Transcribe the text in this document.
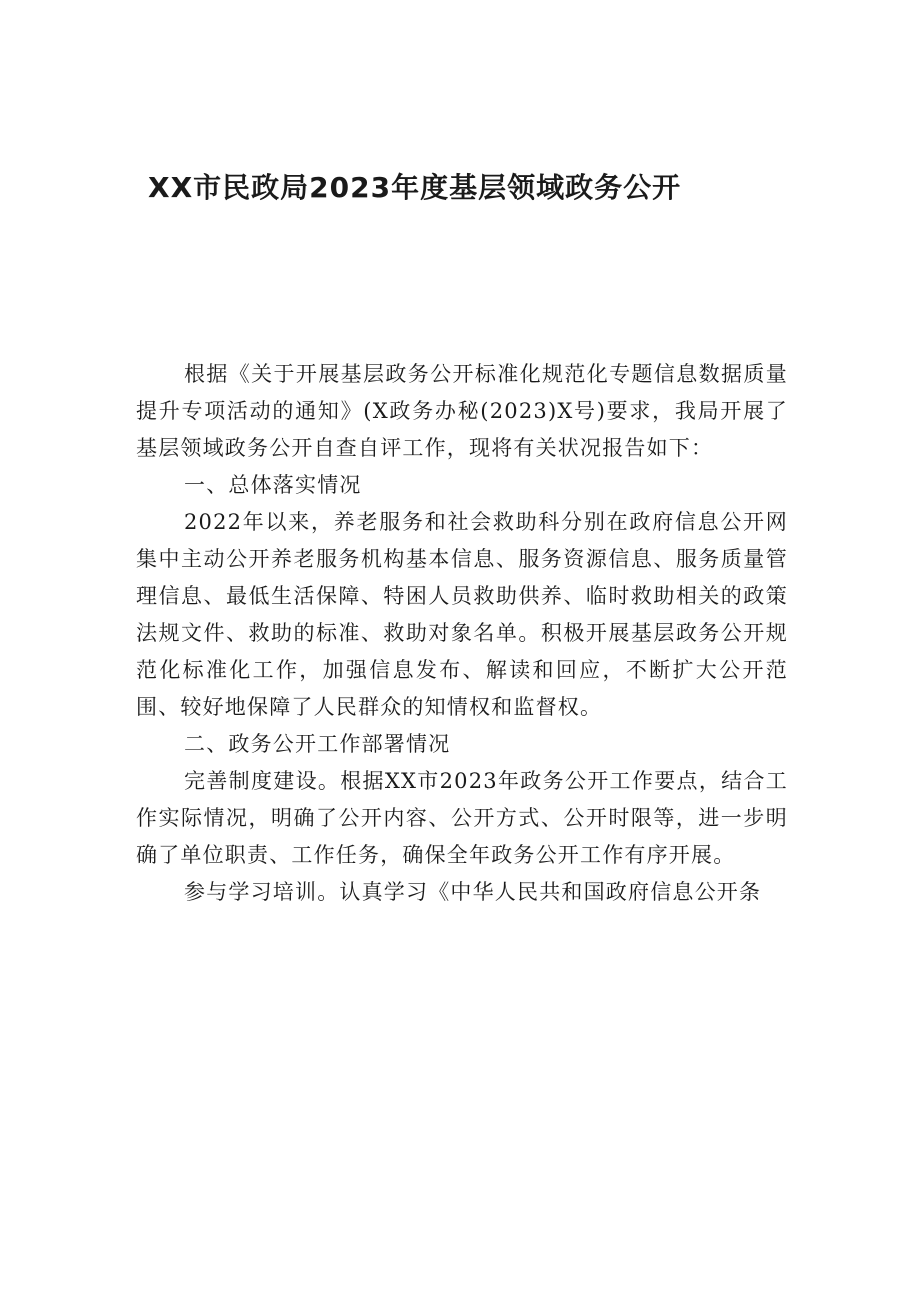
XX市民政局2023年度基层领域政务公开

根据《关于开展基层政务公开标准化规范化专题信息数据质量提升专项活动的通知》(X政务办秘(2023)X号)要求，我局开展了基层领域政务公开自查自评工作，现将有关状况报告如下：

一、总体落实情况

2022年以来，养老服务和社会救助科分别在政府信息公开网集中主动公开养老服务机构基本信息、服务资源信息、服务质量管理信息、最低生活保障、特困人员救助供养、临时救助相关的政策法规文件、救助的标准、救助对象名单。积极开展基层政务公开规范化标准化工作，加强信息发布、解读和回应，不断扩大公开范围、较好地保障了人民群众的知情权和监督权。

二、政务公开工作部署情况

完善制度建设。根据XX市2023年政务公开工作要点，结合工作实际情况，明确了公开内容、公开方式、公开时限等，进一步明确了单位职责、工作任务，确保全年政务公开工作有序开展。

参与学习培训。认真学习《中华人民共和国政府信息公开条
